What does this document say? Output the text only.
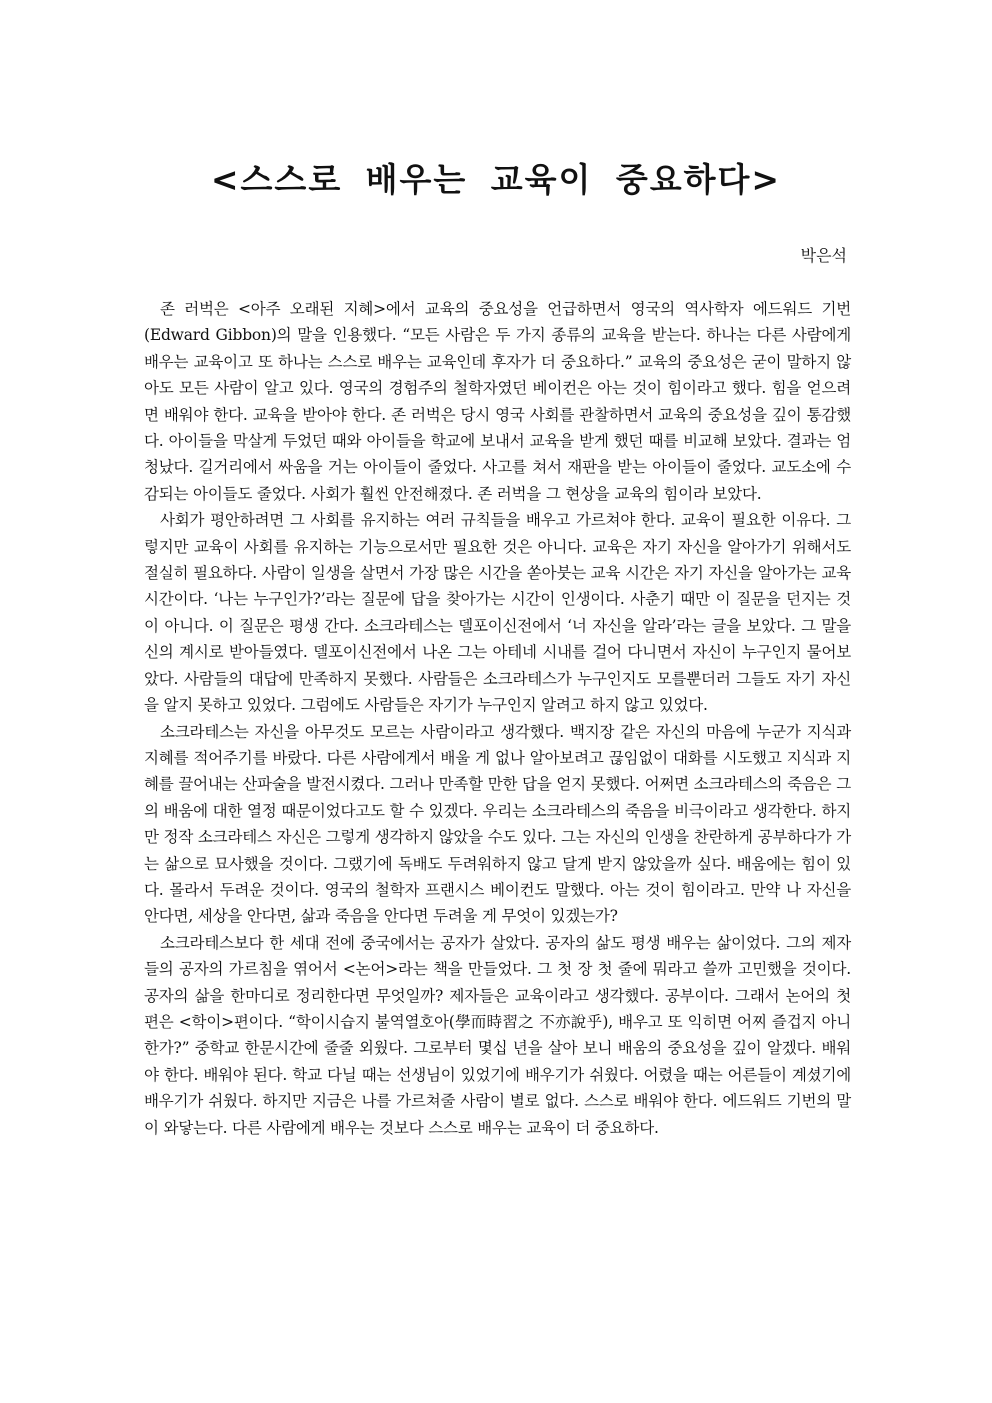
<스스로 배우는 교육이 중요하다>
박은석

존 러벅은 <아주 오래된 지혜>에서 교육의 중요성을 언급하면서 영국의 역사학자 에드워드 기번(Edward Gibbon)의 말을 인용했다. “모든 사람은 두 가지 종류의 교육을 받는다. 하나는 다른 사람에게 배우는 교육이고 또 하나는 스스로 배우는 교육인데 후자가 더 중요하다.” 교육의 중요성은 굳이 말하지 않아도 모든 사람이 알고 있다. 영국의 경험주의 철학자였던 베이컨은 아는 것이 힘이라고 했다. 힘을 얻으려면 배워야 한다. 교육을 받아야 한다. 존 러벅은 당시 영국 사회를 관찰하면서 교육의 중요성을 깊이 통감했다. 아이들을 막살게 두었던 때와 아이들을 학교에 보내서 교육을 받게 했던 때를 비교해 보았다. 결과는 엄청났다. 길거리에서 싸움을 거는 아이들이 줄었다. 사고를 쳐서 재판을 받는 아이들이 줄었다. 교도소에 수감되는 아이들도 줄었다. 사회가 훨씬 안전해졌다. 존 러벅을 그 현상을 교육의 힘이라 보았다.

사회가 평안하려면 그 사회를 유지하는 여러 규칙들을 배우고 가르쳐야 한다. 교육이 필요한 이유다. 그렇지만 교육이 사회를 유지하는 기능으로서만 필요한 것은 아니다. 교육은 자기 자신을 알아가기 위해서도 절실히 필요하다. 사람이 일생을 살면서 가장 많은 시간을 쏟아붓는 교육 시간은 자기 자신을 알아가는 교육 시간이다. ‘나는 누구인가?’라는 질문에 답을 찾아가는 시간이 인생이다. 사춘기 때만 이 질문을 던지는 것이 아니다. 이 질문은 평생 간다. 소크라테스는 델포이신전에서 ‘너 자신을 알라’라는 글을 보았다. 그 말을 신의 계시로 받아들였다. 델포이신전에서 나온 그는 아테네 시내를 걸어 다니면서 자신이 누구인지 물어보았다. 사람들의 대답에 만족하지 못했다. 사람들은 소크라테스가 누구인지도 모를뿐더러 그들도 자기 자신을 알지 못하고 있었다. 그럼에도 사람들은 자기가 누구인지 알려고 하지 않고 있었다.

소크라테스는 자신을 아무것도 모르는 사람이라고 생각했다. 백지장 같은 자신의 마음에 누군가 지식과 지혜를 적어주기를 바랐다. 다른 사람에게서 배울 게 없나 알아보려고 끊임없이 대화를 시도했고 지식과 지혜를 끌어내는 산파술을 발전시켰다. 그러나 만족할 만한 답을 얻지 못했다. 어쩌면 소크라테스의 죽음은 그의 배움에 대한 열정 때문이었다고도 할 수 있겠다. 우리는 소크라테스의 죽음을 비극이라고 생각한다. 하지만 정작 소크라테스 자신은 그렇게 생각하지 않았을 수도 있다. 그는 자신의 인생을 찬란하게 공부하다가 가는 삶으로 묘사했을 것이다. 그랬기에 독배도 두려워하지 않고 달게 받지 않았을까 싶다. 배움에는 힘이 있다. 몰라서 두려운 것이다. 영국의 철학자 프랜시스 베이컨도 말했다. 아는 것이 힘이라고. 만약 나 자신을 안다면, 세상을 안다면, 삶과 죽음을 안다면 두려울 게 무엇이 있겠는가?

소크라테스보다 한 세대 전에 중국에서는 공자가 살았다. 공자의 삶도 평생 배우는 삶이었다. 그의 제자들의 공자의 가르침을 엮어서 <논어>라는 책을 만들었다. 그 첫 장 첫 줄에 뭐라고 쓸까 고민했을 것이다. 공자의 삶을 한마디로 정리한다면 무엇일까? 제자들은 교육이라고 생각했다. 공부이다. 그래서 논어의 첫 편은 <학이>편이다. “학이시습지 불역열호아(學而時習之 不亦說乎), 배우고 또 익히면 어찌 즐겁지 아니한가?” 중학교 한문시간에 줄줄 외웠다. 그로부터 몇십 년을 살아 보니 배움의 중요성을 깊이 알겠다. 배워야 한다. 배워야 된다. 학교 다닐 때는 선생님이 있었기에 배우기가 쉬웠다. 어렸을 때는 어른들이 계셨기에 배우기가 쉬웠다. 하지만 지금은 나를 가르쳐줄 사람이 별로 없다. 스스로 배워야 한다. 에드워드 기번의 말이 와닿는다. 다른 사람에게 배우는 것보다 스스로 배우는 교육이 더 중요하다.
